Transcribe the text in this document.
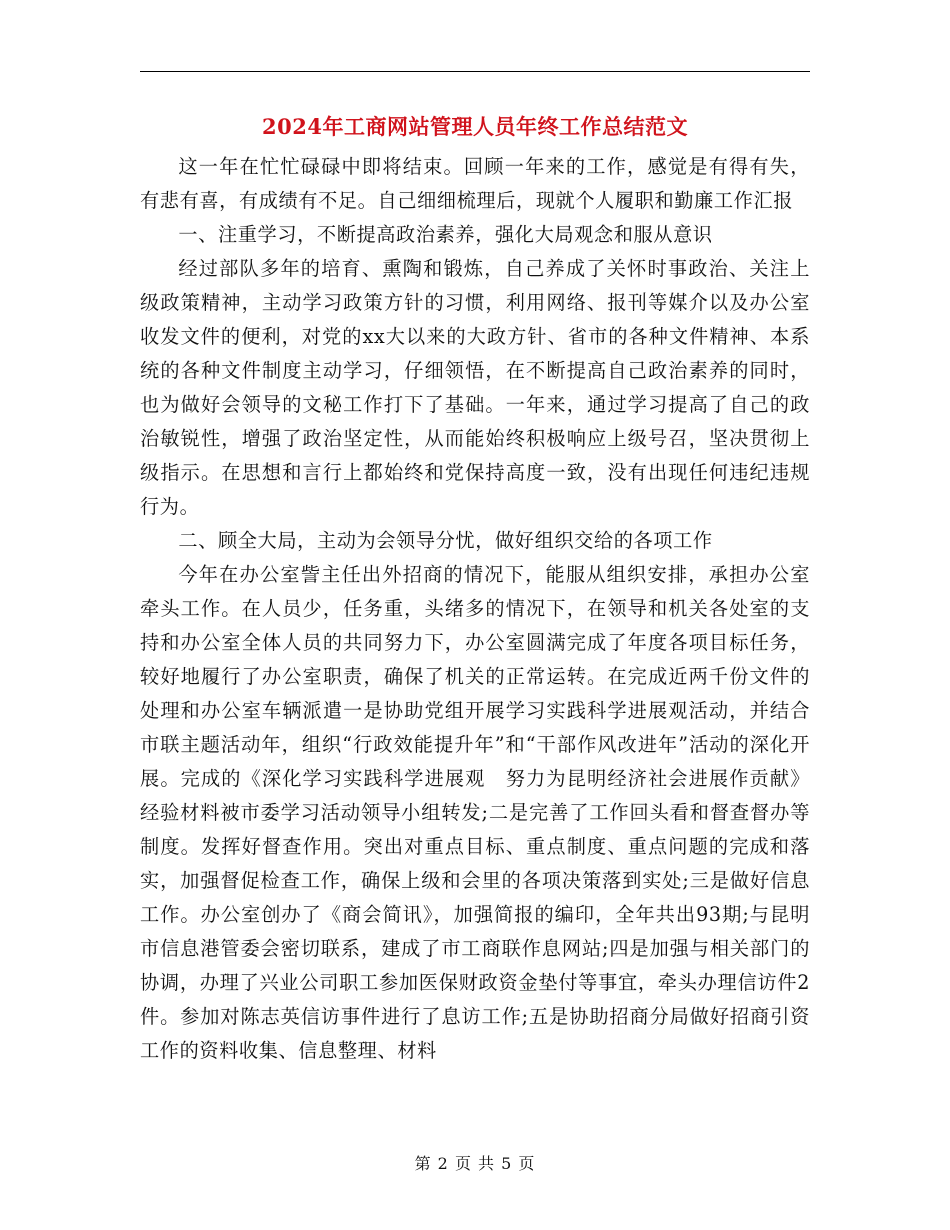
2024年工商网站管理人员年终工作总结范文

这一年在忙忙碌碌中即将结束。回顾一年来的工作，感觉是有得有失，有悲有喜，有成绩有不足。自己细细梳理后，现就个人履职和勤廉工作汇报

一、注重学习，不断提高政治素养，强化大局观念和服从意识

经过部队多年的培育、熏陶和锻炼，自己养成了关怀时事政治、关注上级政策精神，主动学习政策方针的习惯，利用网络、报刊等媒介以及办公室收发文件的便利，对党的xx大以来的大政方针、省市的各种文件精神、本系统的各种文件制度主动学习，仔细领悟，在不断提高自己政治素养的同时，也为做好会领导的文秘工作打下了基础。一年来，通过学习提高了自己的政治敏锐性，增强了政治坚定性，从而能始终积极响应上级号召，坚决贯彻上级指示。在思想和言行上都始终和党保持高度一致，没有出现任何违纪违规行为。

二、顾全大局，主动为会领导分忧，做好组织交给的各项工作

今年在办公室訾主任出外招商的情况下，能服从组织安排，承担办公室牵头工作。在人员少，任务重，头绪多的情况下，在领导和机关各处室的支持和办公室全体人员的共同努力下，办公室圆满完成了年度各项目标任务，较好地履行了办公室职责，确保了机关的正常运转。在完成近两千份文件的处理和办公室车辆派遣一是协助党组开展学习实践科学进展观活动，并结合市联主题活动年，组织“行政效能提升年”和“干部作风改进年”活动的深化开展。完成的《深化学习实践科学进展观　努力为昆明经济社会进展作贡献》经验材料被市委学习活动领导小组转发;二是完善了工作回头看和督查督办等制度。发挥好督查作用。突出对重点目标、重点制度、重点问题的完成和落实，加强督促检查工作，确保上级和会里的各项决策落到实处;三是做好信息工作。办公室创办了《商会简讯》，加强简报的编印，全年共出93期;与昆明市信息港管委会密切联系，建成了市工商联作息网站;四是加强与相关部门的协调，办理了兴业公司职工参加医保财政资金垫付等事宜，牵头办理信访件2件。参加对陈志英信访事件进行了息访工作;五是协助招商分局做好招商引资工作的资料收集、信息整理、材料

第 2 页 共 5 页
